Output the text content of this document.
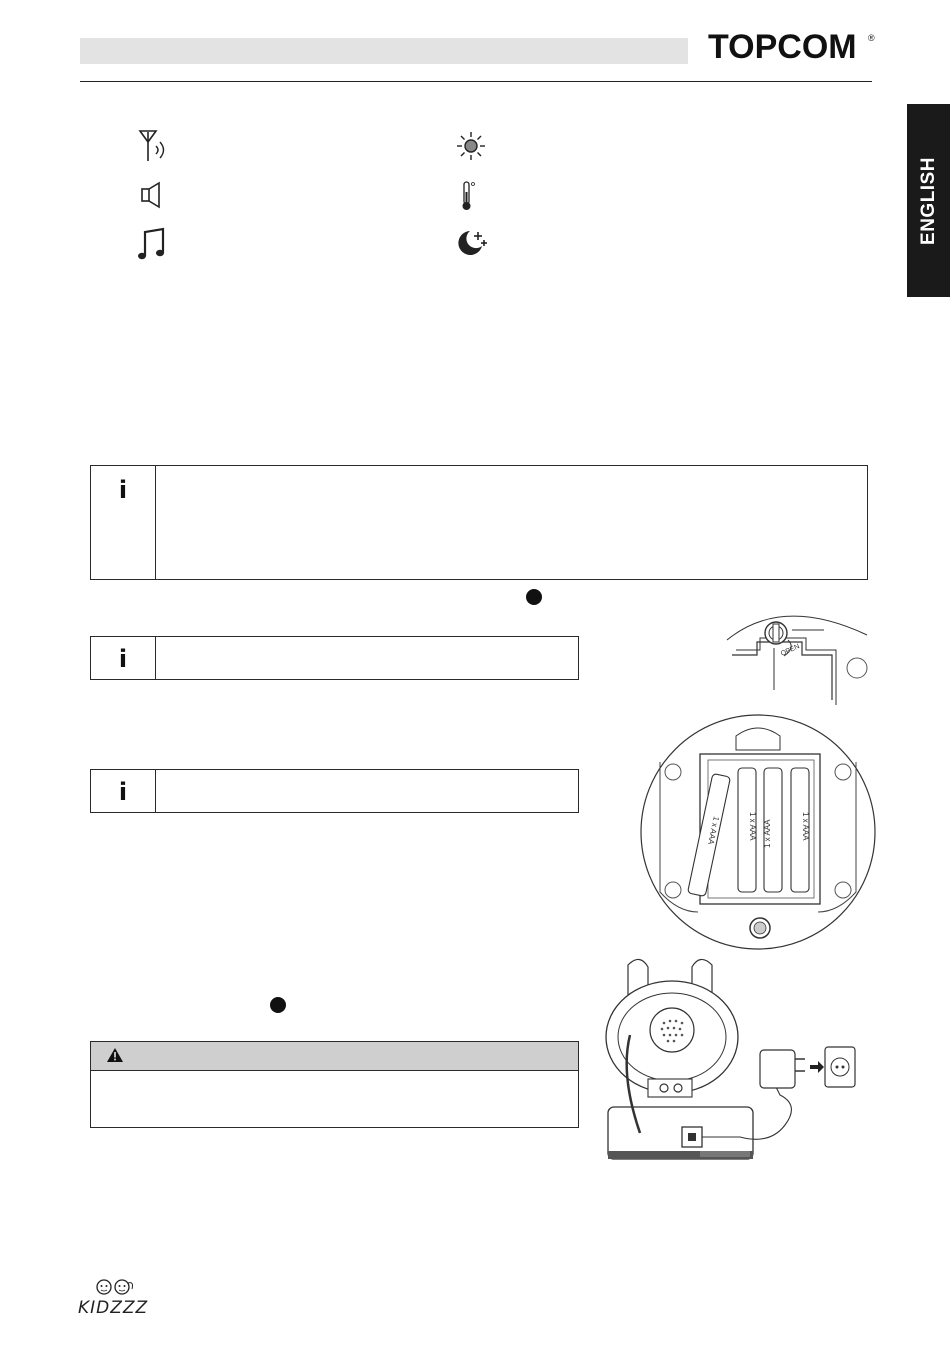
TOPCOM ®
ENGLISH
i
i
i
OPEN
1 x AAA 1 x AAA	1 x AAA
1 x AAA
KIDZZZ
